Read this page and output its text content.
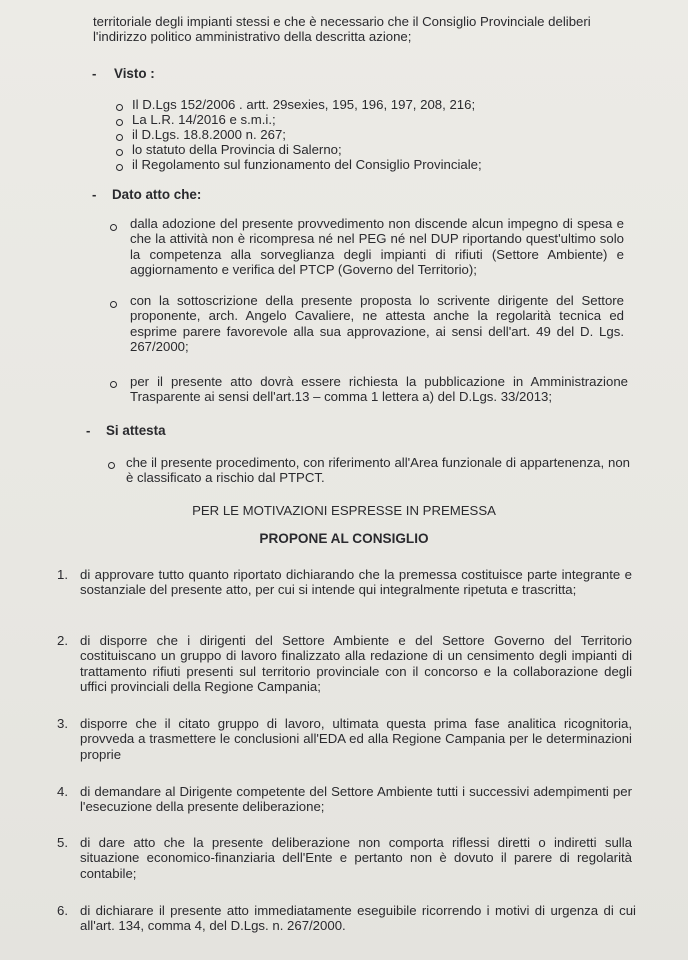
territoriale degli impianti stessi e che è necessario che il Consiglio Provinciale deliberi
l'indirizzo politico amministrativo della descritta azione;
- Visto :
Il D.Lgs 152/2006 . artt. 29sexies, 195, 196, 197, 208, 216;
La L.R. 14/2016 e s.m.i.;
il D.Lgs. 18.8.2000 n. 267;
lo statuto della Provincia di Salerno;
il Regolamento sul funzionamento del Consiglio Provinciale;
- Dato atto che:
dalla adozione del presente provvedimento non discende alcun impegno di spesa e che la attività non è ricompresa né nel PEG né nel DUP riportando quest'ultimo solo la competenza alla sorveglianza degli impianti di rifiuti (Settore Ambiente) e aggiornamento e verifica del PTCP (Governo del Territorio);
con la sottoscrizione della presente proposta lo scrivente dirigente del Settore proponente, arch. Angelo Cavaliere, ne attesta anche la regolarità tecnica ed esprime parere favorevole alla sua approvazione, ai sensi dell'art. 49 del D. Lgs. 267/2000;
per il presente atto dovrà essere richiesta la pubblicazione in Amministrazione Trasparente ai sensi dell'art.13 – comma 1 lettera a) del D.Lgs. 33/2013;
- Si attesta
che il presente procedimento, con riferimento all'Area funzionale di appartenenza, non è classificato a rischio dal PTPCT.
PER LE MOTIVAZIONI ESPRESSE IN PREMESSA
PROPONE AL CONSIGLIO
1. di approvare tutto quanto riportato dichiarando che la premessa costituisce parte integrante e sostanziale del presente atto, per cui si intende qui integralmente ripetuta e trascritta;
2. di disporre che i dirigenti del Settore Ambiente e del Settore Governo del Territorio costituiscano un gruppo di lavoro finalizzato alla redazione di un censimento degli impianti di trattamento rifiuti presenti sul territorio provinciale con il concorso e la collaborazione degli uffici provinciali della Regione Campania;
3. disporre che il citato gruppo di lavoro, ultimata questa prima fase analitica ricognitoria, provveda a trasmettere le conclusioni all'EDA ed alla Regione Campania per le determinazioni proprie
4. di demandare al Dirigente competente del Settore Ambiente tutti i successivi adempimenti per l'esecuzione della presente deliberazione;
5. di dare atto che la presente deliberazione non comporta riflessi diretti o indiretti sulla situazione economico-finanziaria dell'Ente e pertanto non è dovuto il parere di regolarità contabile;
6. di dichiarare il presente atto immediatamente eseguibile ricorrendo i motivi di urgenza di cui all'art. 134, comma 4, del D.Lgs. n. 267/2000.
